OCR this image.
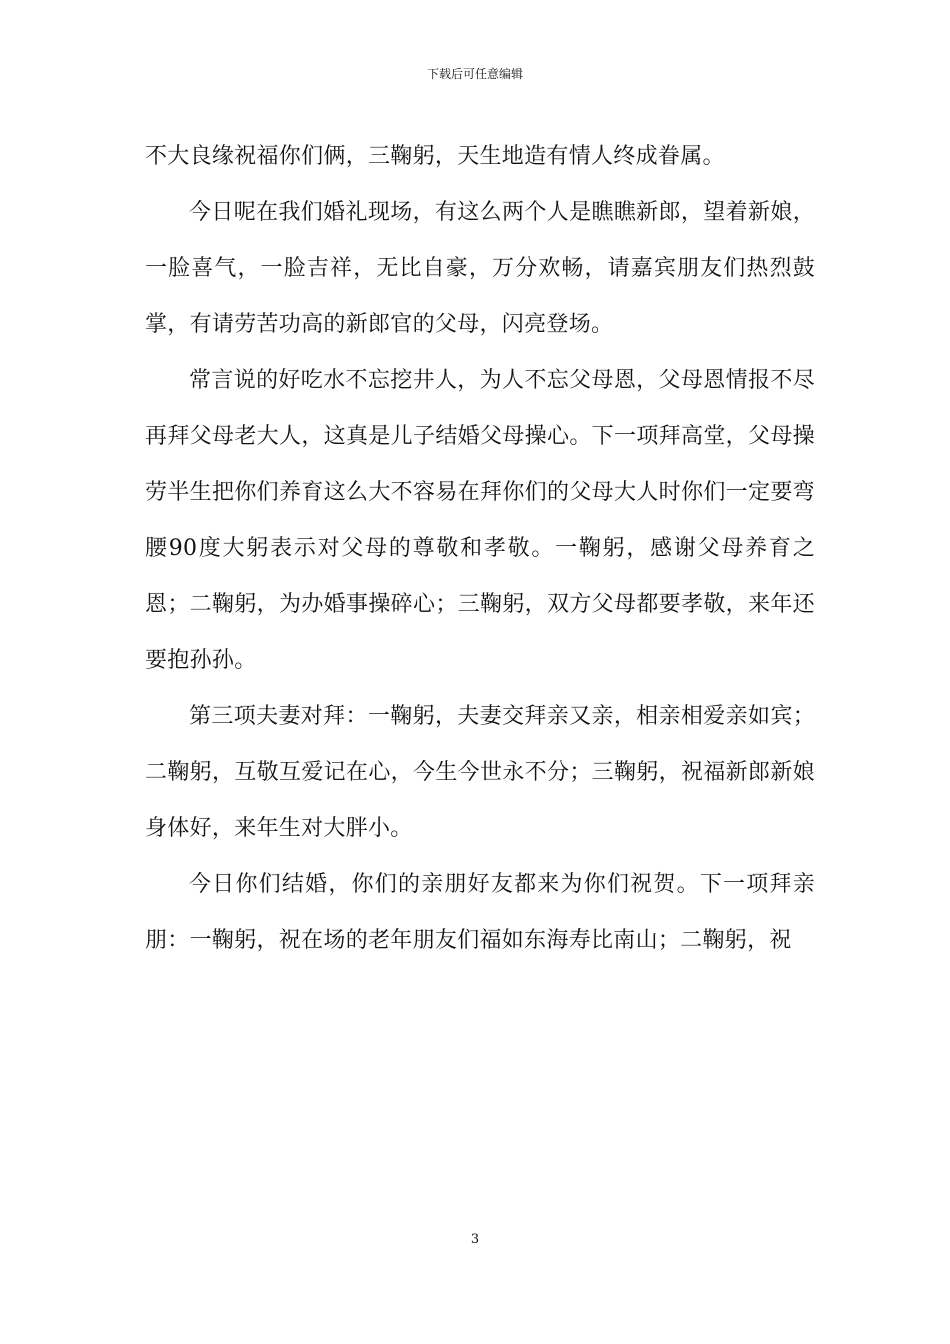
下载后可任意编辑

不大良缘祝福你们俩，三鞠躬，天生地造有情人终成眷属。

今日呢在我们婚礼现场，有这么两个人是瞧瞧新郎，望着新娘，一脸喜气，一脸吉祥，无比自豪，万分欢畅，请嘉宾朋友们热烈鼓掌，有请劳苦功高的新郎官的父母，闪亮登场。

常言说的好吃水不忘挖井人，为人不忘父母恩，父母恩情报不尽再拜父母老大人，这真是儿子结婚父母操心。下一项拜高堂，父母操劳半生把你们养育这么大不容易在拜你们的父母大人时你们一定要弯腰90度大躬表示对父母的尊敬和孝敬。一鞠躬，感谢父母养育之恩；二鞠躬，为办婚事操碎心；三鞠躬，双方父母都要孝敬，来年还要抱孙孙。

第三项夫妻对拜：一鞠躬，夫妻交拜亲又亲，相亲相爱亲如宾；二鞠躬，互敬互爱记在心，今生今世永不分；三鞠躬，祝福新郎新娘身体好，来年生对大胖小。

今日你们结婚，你们的亲朋好友都来为你们祝贺。下一项拜亲朋：一鞠躬，祝在场的老年朋友们福如东海寿比南山；二鞠躬，祝

3
